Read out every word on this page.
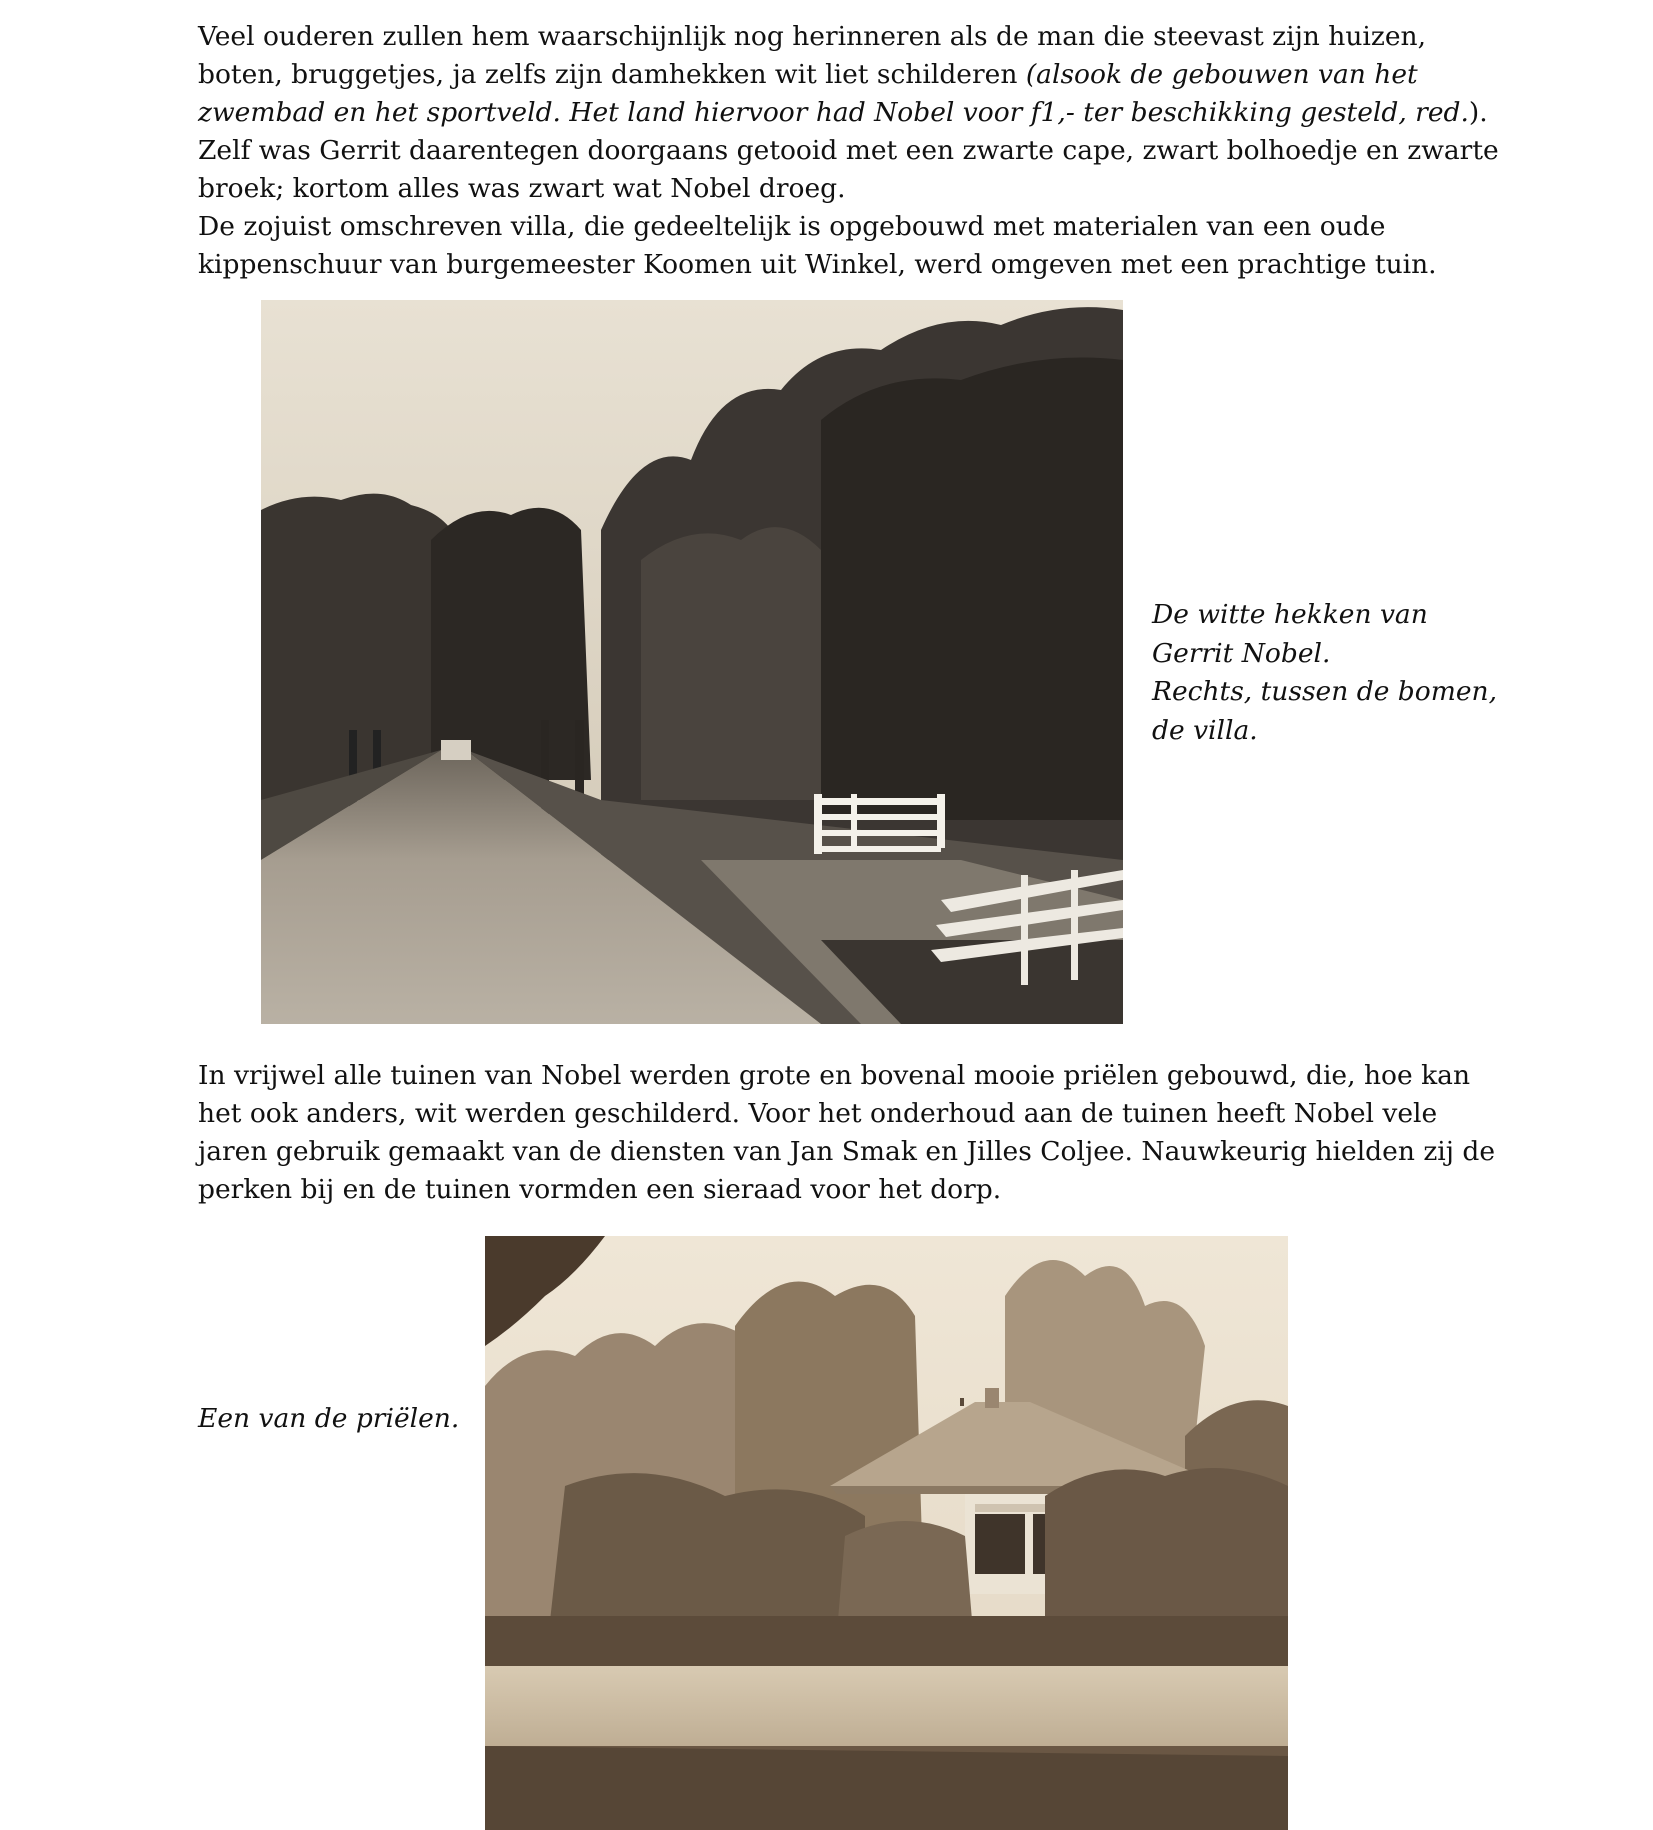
Veel ouderen zullen hem waarschijnlijk nog herinneren als de man die steevast zijn huizen,

boten, bruggetjes, ja zelfs zijn damhekken wit liet schilderen (alsook de gebouwen van het

zwembad en het sportveld. Het land hiervoor had Nobel voor f1,- ter beschikking gesteld, red.).

Zelf was Gerrit daarentegen doorgaans getooid met een zwarte cape, zwart bolhoedje en zwarte

broek; kortom alles was zwart wat Nobel droeg.

De zojuist omschreven villa, die gedeeltelijk is opgebouwd met materialen van een oude

kippenschuur van burgemeester Koomen uit Winkel, werd omgeven met een prachtige tuin.

De witte hekken van

Gerrit Nobel.

Rechts, tussen de bomen,

de villa.

In vrijwel alle tuinen van Nobel werden grote en bovenal mooie priëlen gebouwd, die, hoe kan

het ook anders, wit werden geschilderd. Voor het onderhoud aan de tuinen heeft Nobel vele

jaren gebruik gemaakt van de diensten van Jan Smak en Jilles Coljee. Nauwkeurig hielden zij de

perken bij en de tuinen vormden een sieraad voor het dorp.

Een van de priëlen.
